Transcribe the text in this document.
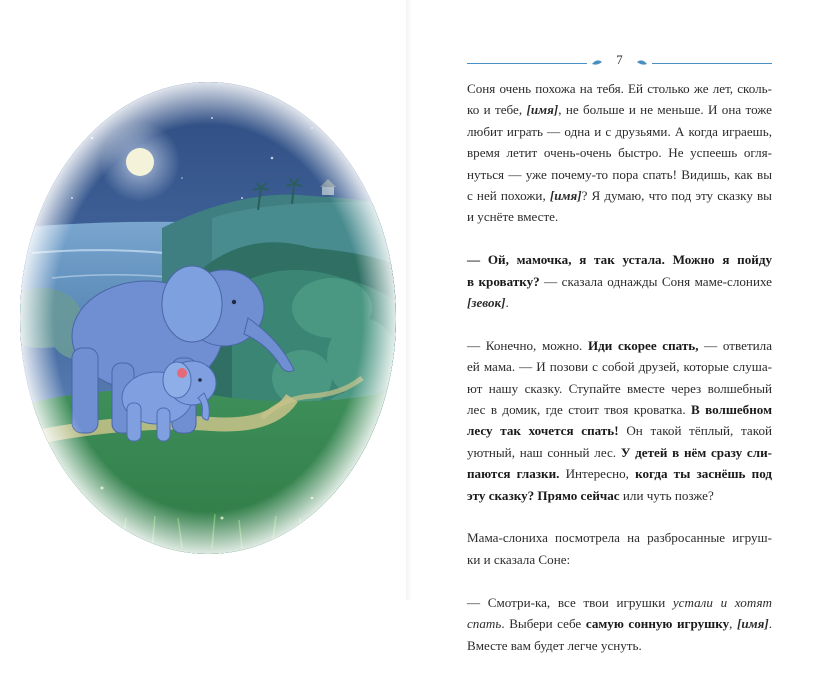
7

Соня очень похожа на тебя. Ей столько же лет, сколь-
ко и тебе, [имя], не больше и не меньше. И она тоже
любит играть — одна и с друзьями. А когда играешь,
время летит очень-очень быстро. Не успеешь огля-
нуться — уже почему-то пора спать! Видишь, как вы
с ней похожи, [имя]? Я думаю, что под эту сказку вы
и уснёте вместе.

— Ой, мамочка, я так устала. Можно я пойду
в кроватку? — сказала однажды Соня маме-слонихе
[зевок].

— Конечно, можно. Иди скорее спать, — ответила
ей мама. — И позови с собой друзей, которые слуша-
ют нашу сказку. Ступайте вместе через волшебный
лес в домик, где стоит твоя кроватка. В волшебном
лесу так хочется спать! Он такой тёплый, такой
уютный, наш сонный лес. У детей в нём сразу сли-
паются глазки. Интересно, когда ты заснёшь под
эту сказку? Прямо сейчас или чуть позже?

Мама-слониха посмотрела на разбросанные игруш-
ки и сказала Соне:

— Смотри-ка, все твои игрушки устали и хотят
спать. Выбери себе самую сонную игрушку, [имя].
Вместе вам будет легче уснуть.
